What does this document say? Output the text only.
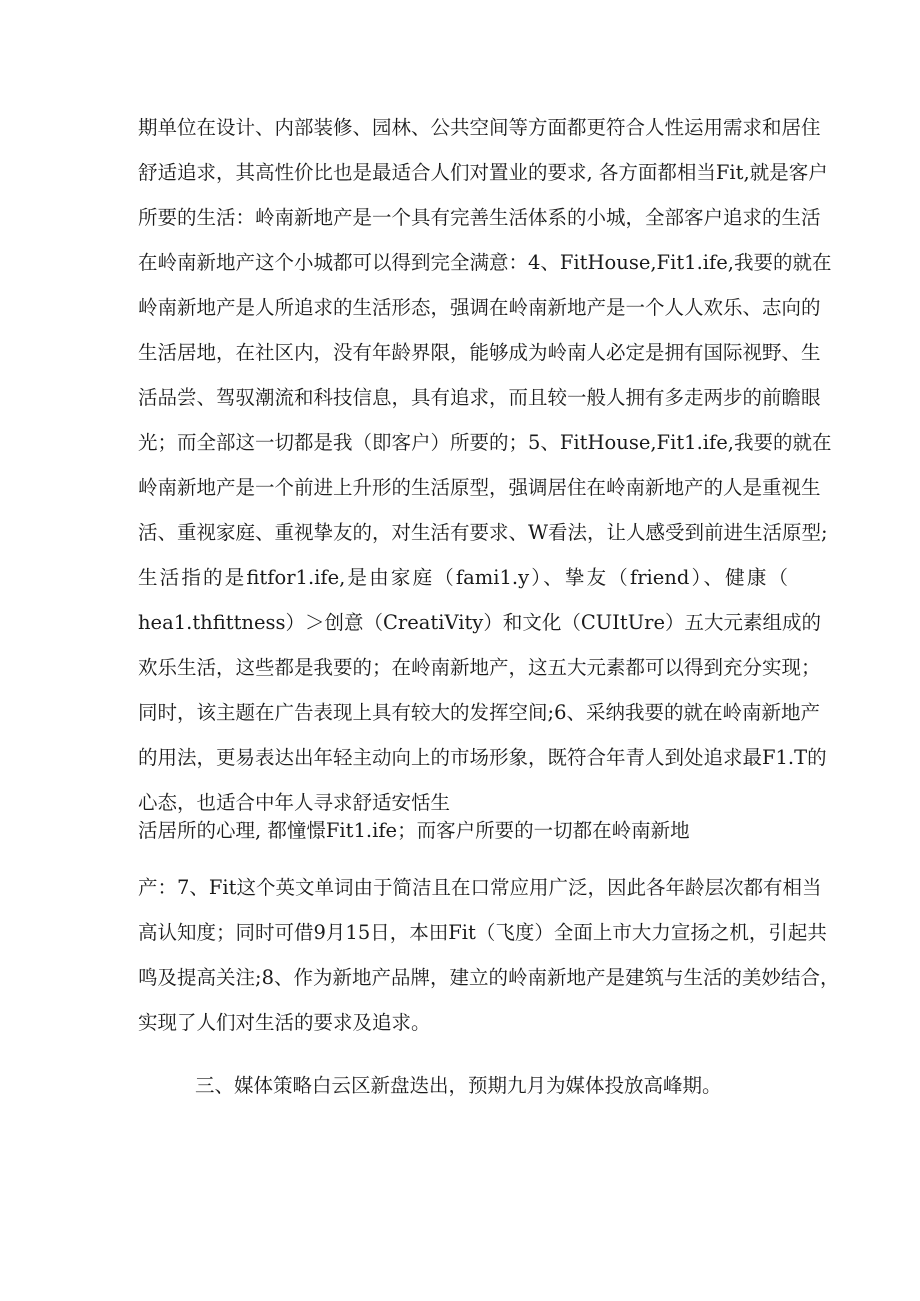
期单位在设计、内部装修、园林、公共空间等方面都更符合人性运用需求和居住
舒适追求，其高性价比也是最适合人们对置业的要求, 各方面都相当Fit,就是客户
所要的生活：岭南新地产是一个具有完善生活体系的小城，全部客户追求的生活
在岭南新地产这个小城都可以得到完全满意：4、FitHouse,Fit1.ife,我要的就在
岭南新地产是人所追求的生活形态，强调在岭南新地产是一个人人欢乐、志向的
生活居地，在社区内，没有年龄界限，能够成为岭南人必定是拥有国际视野、生
活品尝、驾驭潮流和科技信息，具有追求，而且较一般人拥有多走两步的前瞻眼
光；而全部这一切都是我（即客户）所要的；5、FitHouse,Fit1.ife,我要的就在
岭南新地产是一个前进上升形的生活原型，强调居住在岭南新地产的人是重视生
活、重视家庭、重视挚友的，对生活有要求、W看法，让人感受到前进生活原型;
生活指的是fitfor1.ife,是由家庭（fami1.y）、挚友（friend）、健康（
hea1.thfittness）＞创意（CreatiVity）和文化（CUItUre）五大元素组成的
欢乐生活，这些都是我要的；在岭南新地产，这五大元素都可以得到充分实现；
同时，该主题在广告表现上具有较大的发挥空间;6、采纳我要的就在岭南新地产
的用法，更易表达出年轻主动向上的市场形象，既符合年青人到处追求最F1.T的
心态，也适合中年人寻求舒适安恬生
活居所的心理, 都憧憬Fit1.ife；而客户所要的一切都在岭南新地
产：7、Fit这个英文单词由于简洁且在口常应用广泛，因此各年龄层次都有相当
高认知度；同时可借9月15日，本田Fit（飞度）全面上市大力宣扬之机，引起共
鸣及提高关注;8、作为新地产品牌，建立的岭南新地产是建筑与生活的美妙结合，
实现了人们对生活的要求及追求。
三、媒体策略白云区新盘迭出，预期九月为媒体投放高峰期。
